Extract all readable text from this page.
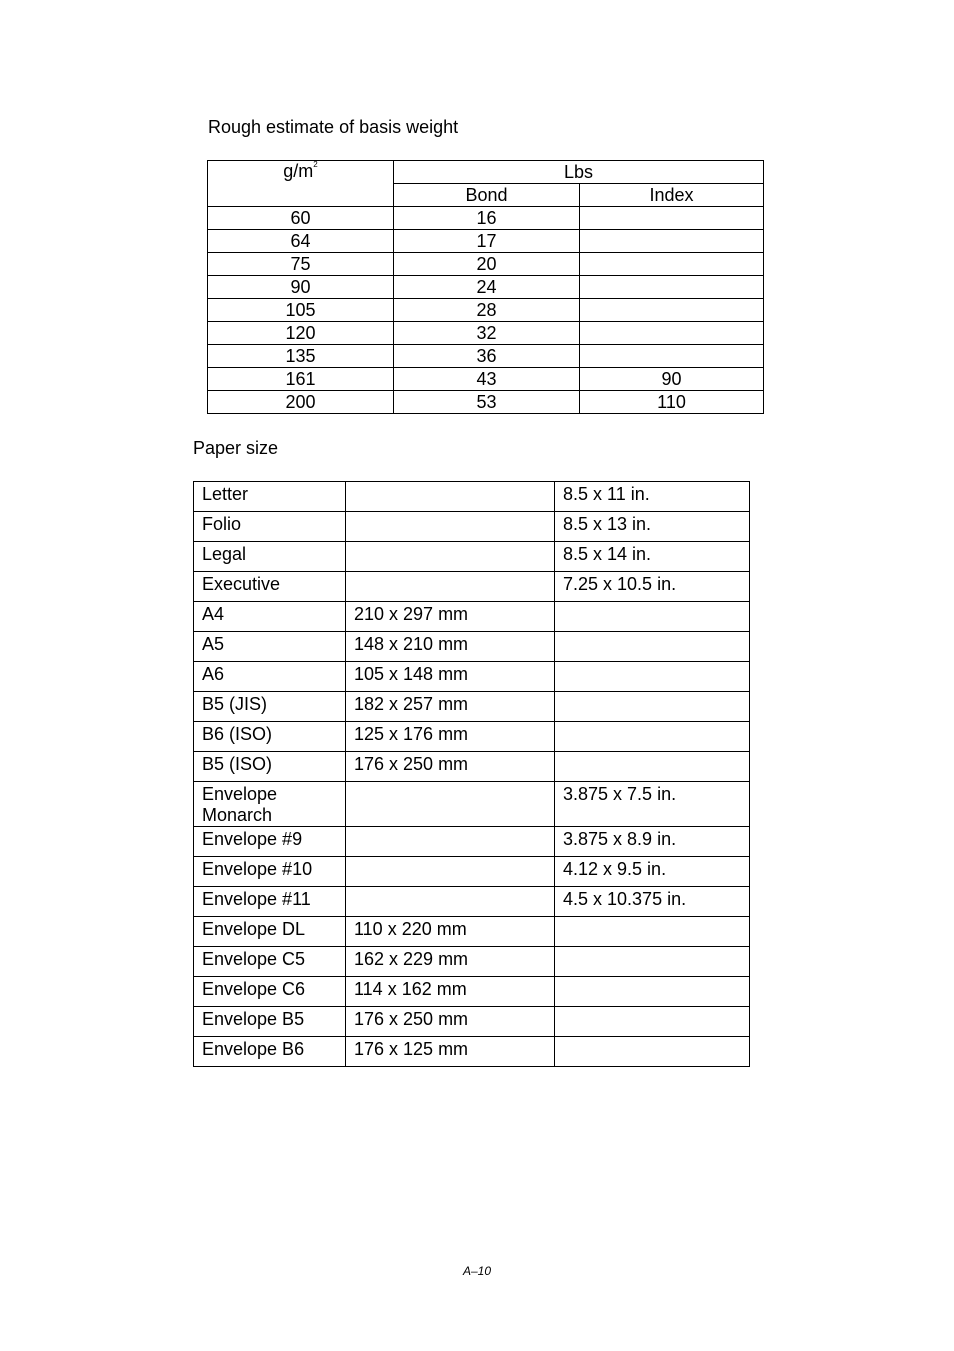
Rough estimate of basis weight
$g/m^2$	Lbs	
	Bond	Index
60	16	
64	17	
75	20	
90	24	
105	28	
120	32	
135	36	
161	43	90
200	53	110
Paper size
Letter		8.5 x 11 in.
Folio		8.5 x 13 in.
Legal		8.5 x 14 in.
Executive		7.25 x 10.5 in.
A4	210 x 297 mm	
A5	148 x 210 mm	
A6	105 x 148 mm	
B5 (JIS)	182 x 257 mm	
B6 (ISO)	125 x 176 mm	
B5 (ISO)	176 x 250 mm	
Envelope Monarch		3.875 x 7.5 in.
Envelope #9		3.875 x 8.9 in.
Envelope #10		4.12 x 9.5 in.
Envelope #11		4.5 x 10.375 in.
Envelope DL	110 x 220 mm	
Envelope C5	162 x 229 mm	
Envelope C6	114 x 162 mm	
Envelope B5	176 x 250 mm	
Envelope B6	176 x 125 mm	
A–10
